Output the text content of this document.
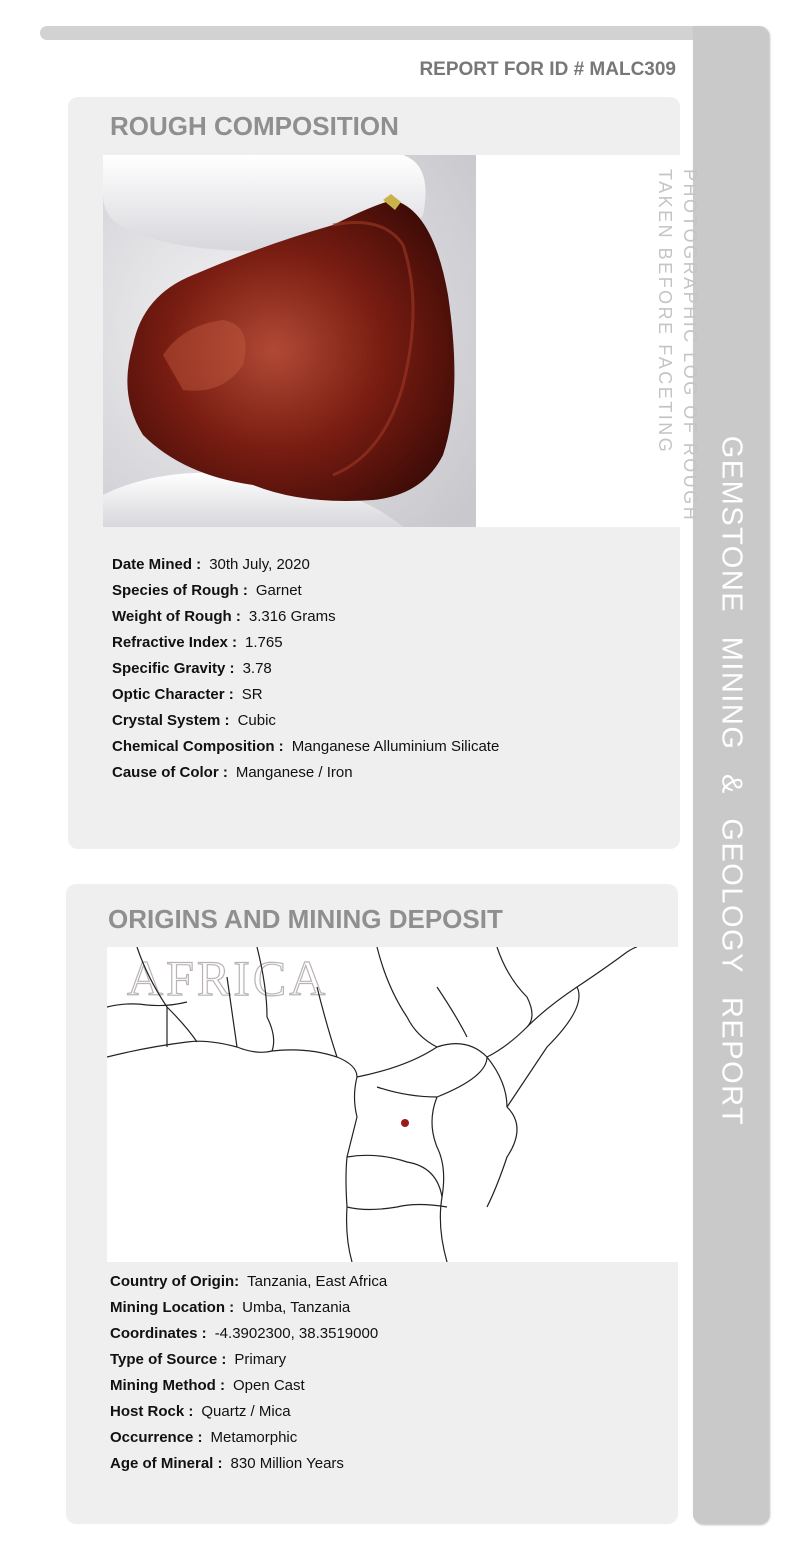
GEMSTONE MINING & GEOLOGY REPORT
REPORT FOR ID # MALC309
ROUGH COMPOSITION
PHOTOGRAPHIC LOG OF ROUGH
TAKEN BEFORE FACETING
Date Mined : 30th July, 2020
Species of Rough : Garnet
Weight of Rough : 3.316 Grams
Refractive Index : 1.765
Specific Gravity : 3.78
Optic Character : SR
Crystal System : Cubic
Chemical Composition : Manganese Alluminium Silicate
Cause of Color : Manganese / Iron
ORIGINS AND MINING DEPOSIT
AFRICA
Country of Origin: Tanzania, East Africa
Mining Location : Umba, Tanzania
Coordinates : -4.3902300, 38.3519000
Type of Source : Primary
Mining Method : Open Cast
Host Rock : Quartz / Mica
Occurrence : Metamorphic
Age of Mineral : 830 Million Years
